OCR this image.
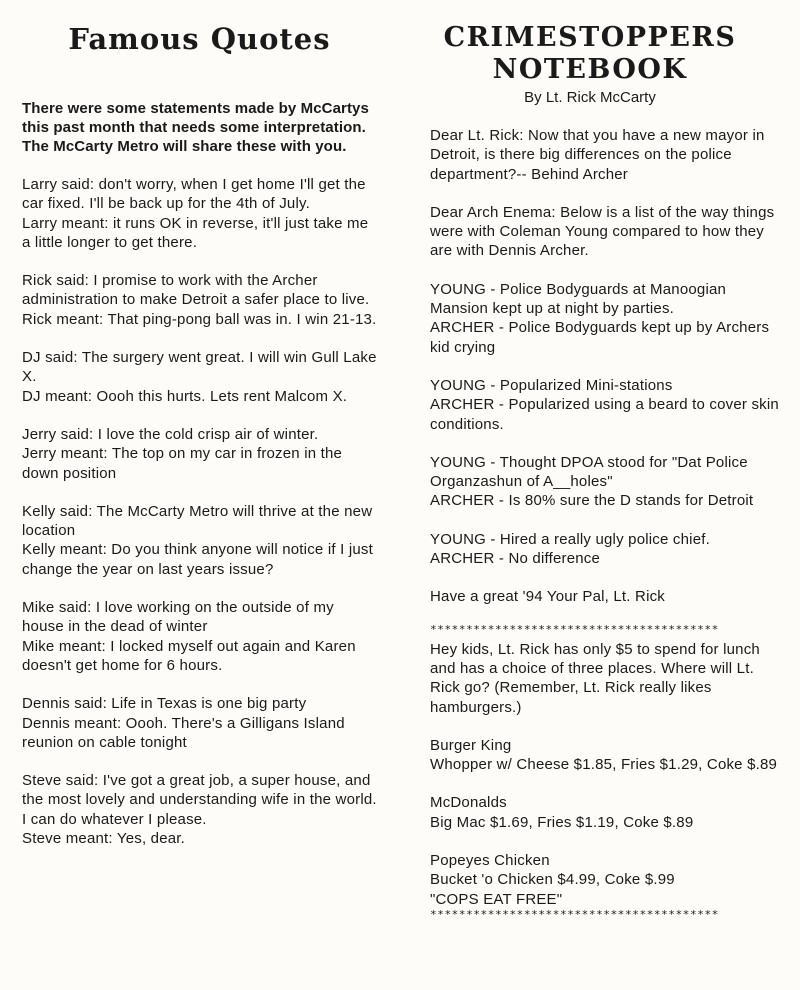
Famous Quotes

There were some statements made by McCartys this past month that needs some interpretation. The McCarty Metro will share these with you.

Larry said: don't worry, when I get home I'll get the car fixed. I'll be back up for the 4th of July.

Larry meant: it runs OK in reverse, it'll just take me a little longer to get there.

Rick said: I promise to work with the Archer administration to make Detroit a safer place to live.

Rick meant: That ping-pong ball was in. I win 21-13.

DJ said: The surgery went great. I will win Gull Lake X.

DJ meant: Oooh this hurts. Lets rent Malcom X.

Jerry said: I love the cold crisp air of winter.

Jerry meant: The top on my car in frozen in the down position

Kelly said: The McCarty Metro will thrive at the new location

Kelly meant: Do you think anyone will notice if I just change the year on last years issue?

Mike said: I love working on the outside of my house in the dead of winter

Mike meant: I locked myself out again and Karen doesn't get home for 6 hours.

Dennis said: Life in Texas is one big party

Dennis meant: Oooh. There's a Gilligans Island reunion on cable tonight

Steve said: I've got a great job, a super house, and the most lovely and understanding wife in the world. I can do whatever I please.

Steve meant: Yes, dear.

CRIMESTOPPERS
NOTEBOOK

By Lt. Rick McCarty

Dear Lt. Rick: Now that you have a new mayor in Detroit, is there big differences on the police department?-- Behind Archer

Dear Arch Enema: Below is a list of the way things were with Coleman Young compared to how they are with Dennis Archer.

YOUNG - Police Bodyguards at Manoogian Mansion kept up at night by parties.

ARCHER - Police Bodyguards kept up by Archers kid crying

YOUNG - Popularized Mini-stations

ARCHER - Popularized using a beard to cover skin conditions.

YOUNG - Thought DPOA stood for "Dat Police Organzashun of A__holes"

ARCHER - Is 80% sure the D stands for Detroit

YOUNG - Hired a really ugly police chief.

ARCHER - No difference

Have a great '94 Your Pal, Lt. Rick

****************************************

Hey kids, Lt. Rick has only $5 to spend for lunch and has a choice of three places. Where will Lt. Rick go? (Remember, Lt. Rick really likes hamburgers.)

Burger King

Whopper w/ Cheese $1.85, Fries $1.29, Coke $.89

McDonalds

Big Mac $1.69, Fries $1.19, Coke $.89

Popeyes Chicken

Bucket 'o Chicken $4.99, Coke $.99

"COPS EAT FREE"

****************************************
